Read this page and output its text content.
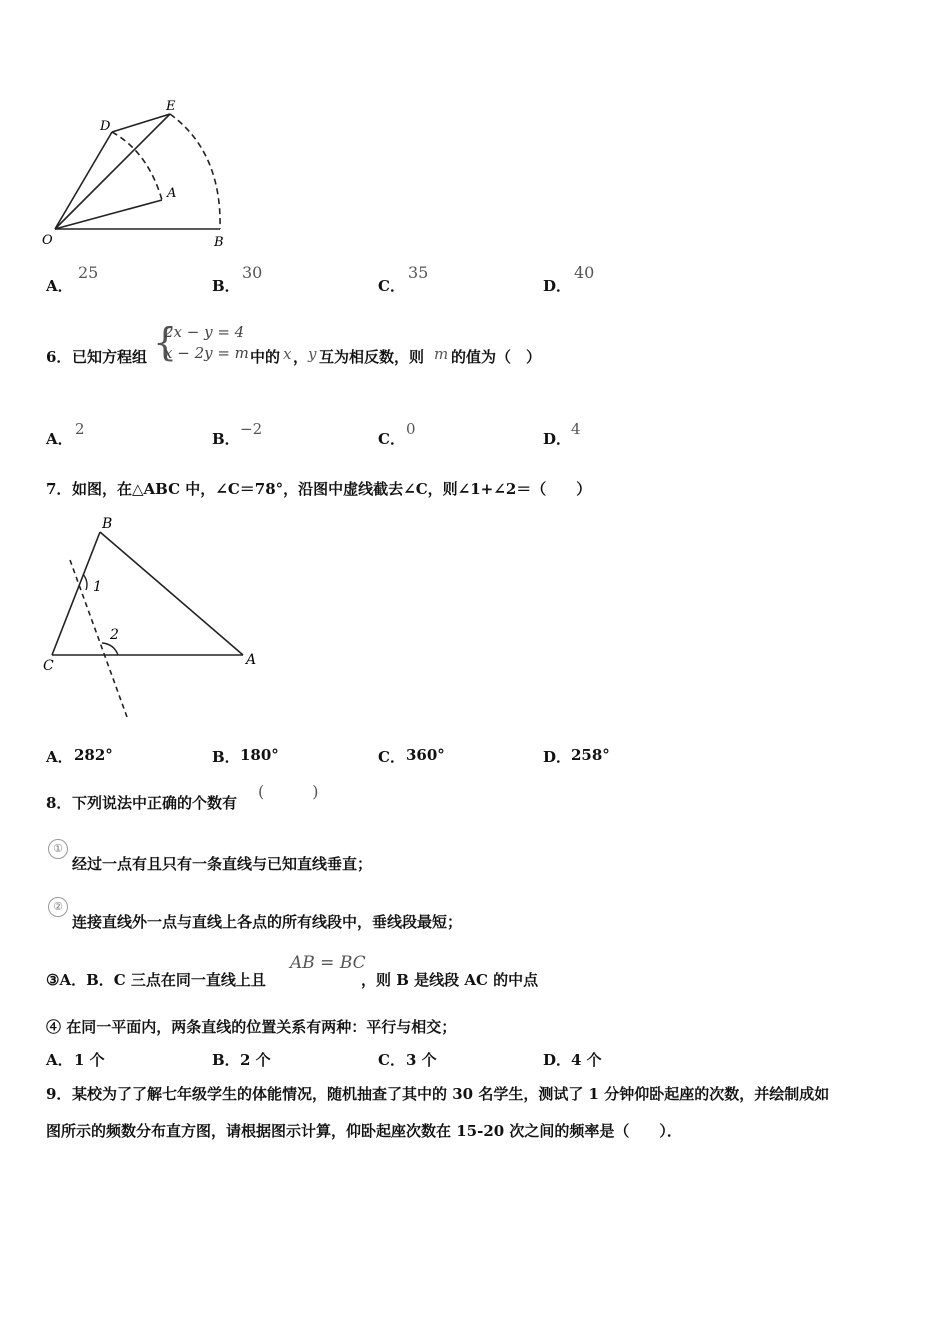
O	B
A
D
E
A．
25
B．
30
C．
35
D．
40
6． 已知方程组 {
2x − y = 4
x − 2y = m 中的 x ， y 互为相反数，则 m 的值为（　）
A．
2
B．
−2
C．
0
D．
4
7． 如图，在△ABC 中，∠C＝78°，沿图中虚线截去∠C，则∠1+∠2＝（　　）
B
C	A
1
2
A． 282°	B． 180°	C． 360°	D． 258°
8． 下列说法中正确的个数有
(　　　)
①
经过一点有且只有一条直线与已知直线垂直；
②
连接直线外一点与直线上各点的所有线段中，垂线段最短；
③A．B．C 三点在同一直线上且
AB = BC
，则 B 是线段 AC 的中点
④ 在同一平面内，两条直线的位置关系有两种：平行与相交；
A． 1 个	B． 2 个	C． 3 个	D． 4 个
9． 某校为了了解七年级学生的体能情况，随机抽查了其中的 30 名学生，测试了 1 分钟仰卧起座的次数，并绘制成如
图所示的频数分布直方图，请根据图示计算，仰卧起座次数在 15‐20 次之间的频率是（　　）．
